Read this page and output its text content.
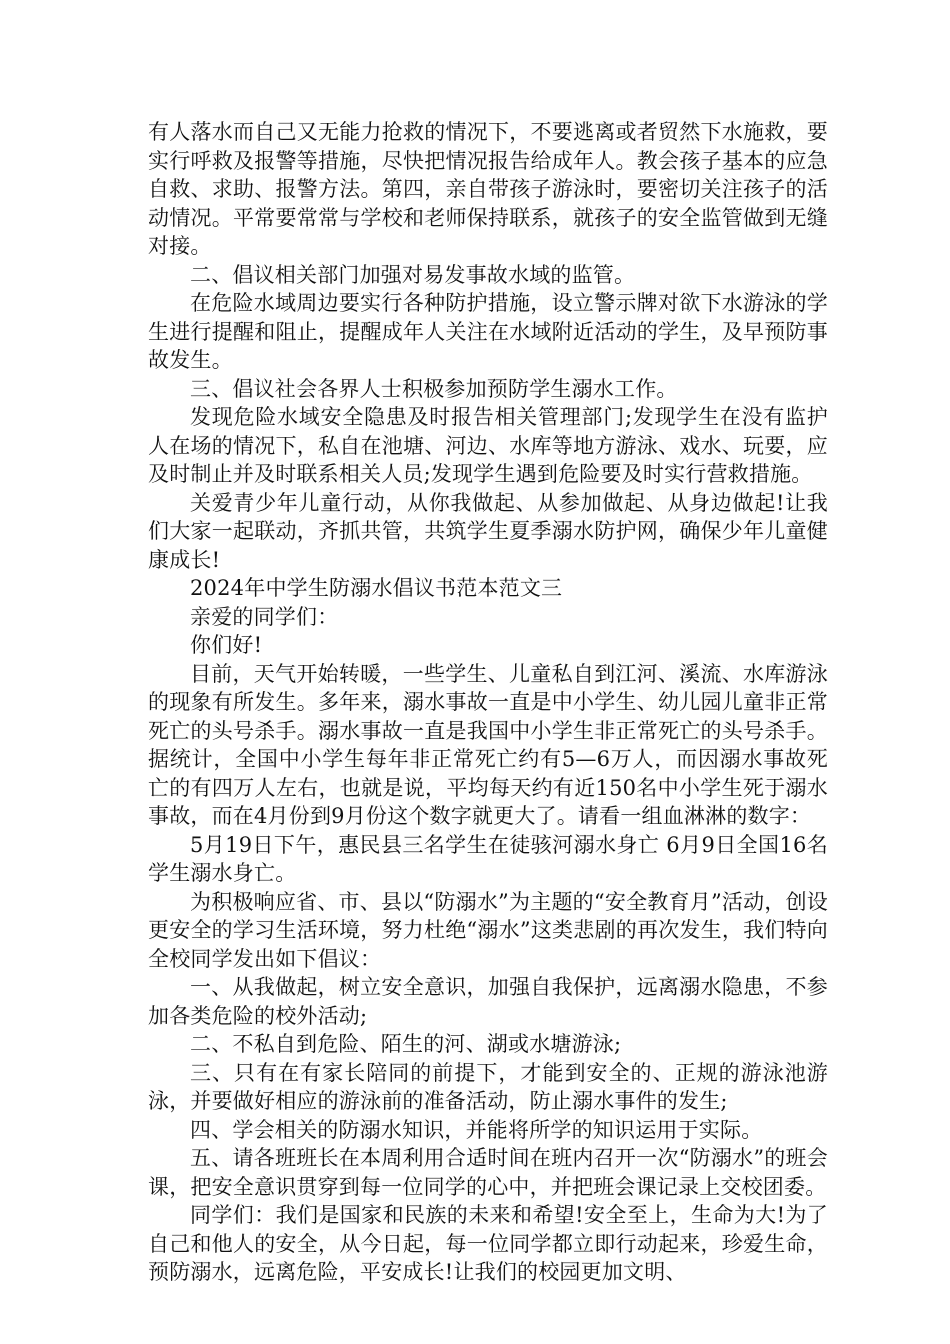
有人落水而自己又无能力抢救的情况下，不要逃离或者贸然下水施救，要实行呼救及报警等措施，尽快把情况报告给成年人。教会孩子基本的应急自救、求助、报警方法。第四，亲自带孩子游泳时，要密切关注孩子的活动情况。平常要常常与学校和老师保持联系，就孩子的安全监管做到无缝对接。

二、倡议相关部门加强对易发事故水域的监管。

在危险水域周边要实行各种防护措施，设立警示牌对欲下水游泳的学生进行提醒和阻止，提醒成年人关注在水域附近活动的学生，及早预防事故发生。

三、倡议社会各界人士积极参加预防学生溺水工作。

发现危险水域安全隐患及时报告相关管理部门;发现学生在没有监护人在场的情况下，私自在池塘、河边、水库等地方游泳、戏水、玩要，应及时制止并及时联系相关人员;发现学生遇到危险要及时实行营救措施。

关爱青少年儿童行动，从你我做起、从参加做起、从身边做起!让我们大家一起联动，齐抓共管，共筑学生夏季溺水防护网，确保少年儿童健康成长!

2024年中学生防溺水倡议书范本范文三

亲爱的同学们：

你们好!

目前，天气开始转暖，一些学生、儿童私自到江河、溪流、水库游泳的现象有所发生。多年来，溺水事故一直是中小学生、幼儿园儿童非正常死亡的头号杀手。溺水事故一直是我国中小学生非正常死亡的头号杀手。据统计，全国中小学生每年非正常死亡约有5—6万人，而因溺水事故死亡的有四万人左右，也就是说，平均每天约有近150名中小学生死于溺水事故，而在4月份到9月份这个数字就更大了。请看一组血淋淋的数字：

5月19日下午，惠民县三名学生在徒骇河溺水身亡 6月9日全国16名学生溺水身亡。

为积极响应省、市、县以“防溺水”为主题的“安全教育月”活动，创设更安全的学习生活环境，努力杜绝“溺水”这类悲剧的再次发生，我们特向全校同学发出如下倡议：

一、从我做起，树立安全意识，加强自我保护，远离溺水隐患，不参加各类危险的校外活动;

二、不私自到危险、陌生的河、湖或水塘游泳;

三、只有在有家长陪同的前提下，才能到安全的、正规的游泳池游泳，并要做好相应的游泳前的准备活动，防止溺水事件的发生;

四、学会相关的防溺水知识，并能将所学的知识运用于实际。

五、请各班班长在本周利用合适时间在班内召开一次“防溺水”的班会课，把安全意识贯穿到每一位同学的心中，并把班会课记录上交校团委。

同学们：我们是国家和民族的未来和希望!安全至上，生命为大!为了自己和他人的安全，从今日起，每一位同学都立即行动起来，珍爱生命，预防溺水，远离危险，平安成长!让我们的校园更加文明、
